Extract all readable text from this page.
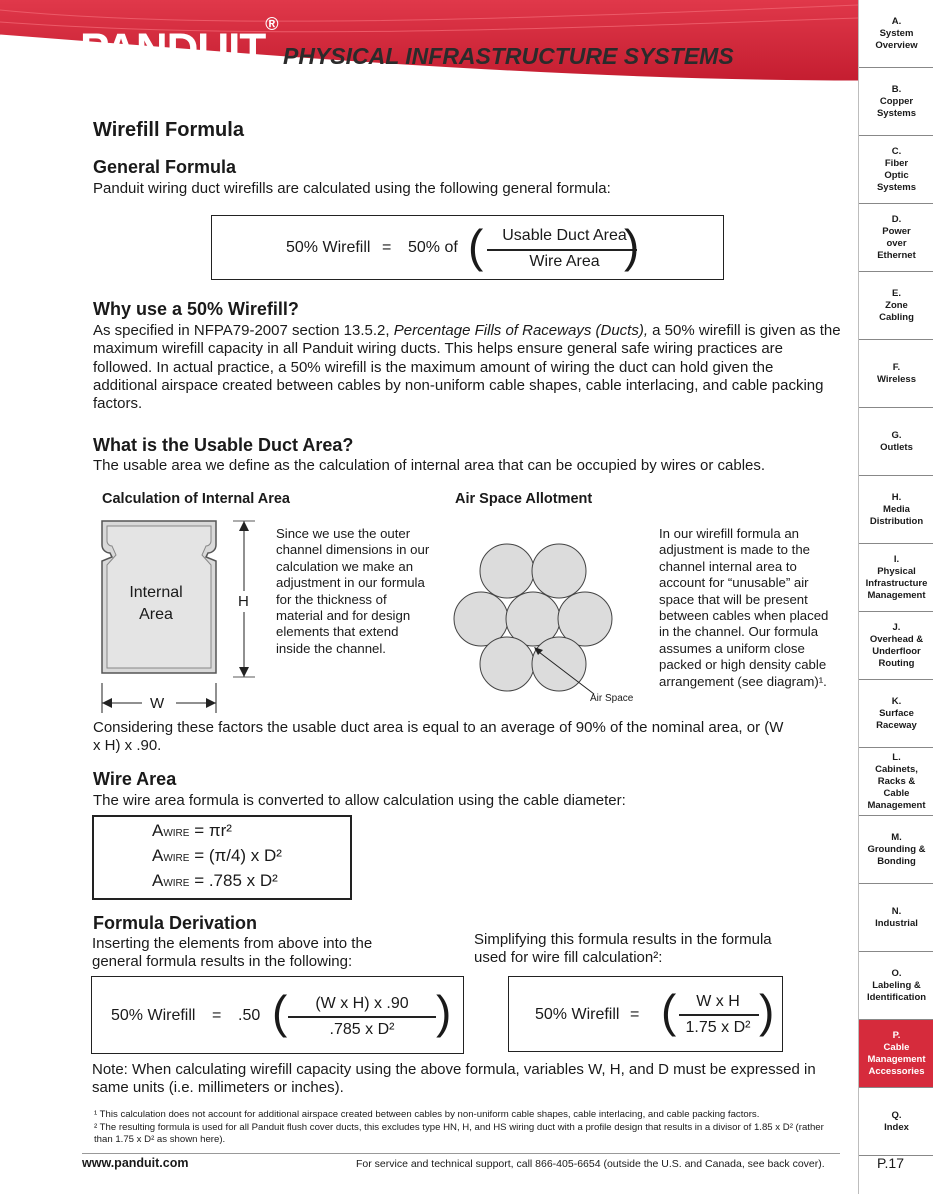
PANDUIT®
PHYSICAL INFRASTRUCTURE SYSTEMS
A.
System
Overview
B.
Copper
Systems
C.
Fiber
Optic
Systems
D.
Power
over
Ethernet
E.
Zone
Cabling
F.
Wireless
G.
Outlets
H.
Media
Distribution
I.
Physical
Infrastructure
Management
J.
Overhead &
Underfloor
Routing
K.
Surface
Raceway
L.
Cabinets,
Racks &
Cable
Management
M.
Grounding &
Bonding
N.
Industrial
O.
Labeling &
Identification
P.
Cable
Management
Accessories
Q.
Index
Wirefill Formula
General Formula
Panduit wiring duct wirefills are calculated using the following general formula:
50% Wirefill = 50% of (	Usable Duct Area
Wire Area )
Why use a 50% Wirefill?
As specified in NFPA79-2007 section 13.5.2, Percentage Fills of Raceways (Ducts), a 50% wirefill is given as the maximum wirefill capacity in all Panduit wiring ducts. This helps ensure general safe wiring practices are followed. In actual practice, a 50% wirefill is the maximum amount of wiring the duct can hold given the additional airspace created between cables by non-uniform cable shapes, cable interlacing, and cable packing factors.
What is the Usable Duct Area?
The usable area we define as the calculation of internal area that can be occupied by wires or cables.
Calculation of Internal Area	Air Space Allotment
Internal
Area
H
W
Since we use the outer channel dimensions in our calculation we make an adjustment in our formula for the thickness of material and for design elements that extend inside the channel.
Air Space
In our wirefill formula an adjustment is made to the channel internal area to account for “unusable” air space that will be present between cables when placed in the channel. Our formula assumes a uniform close packed or high density cable arrangement (see diagram)¹.
Considering these factors the usable duct area is equal to an average of 90% of the nominal area, or (W x H) x .90.
Wire Area
The wire area formula is converted to allow calculation using the cable diameter:
AWIRE = πr²
AWIRE = (π/4) x D²
AWIRE = .785 x D²
Formula Derivation
Inserting the elements from above into the general formula results in the following:
Simplifying this formula results in the formula used for wire fill calculation²:
50% Wirefill = .50 (	(W x H) x .90
.785 x D² )	50% Wirefill = (	W x H
1.75 x D² )
Note: When calculating wirefill capacity using the above formula, variables W, H, and D must be expressed in same units (i.e. millimeters or inches).
¹ This calculation does not account for additional airspace created between cables by non-uniform cable shapes, cable interlacing, and cable packing factors.
² The resulting formula is used for all Panduit flush cover ducts, this excludes type HN, H, and HS wiring duct with a profile design that results in a divisor of 1.85 x D² (rather than 1.75 x D² as shown here).
www.panduit.com	For service and technical support, call 866-405-6654 (outside the U.S. and Canada, see back cover).	P.17
